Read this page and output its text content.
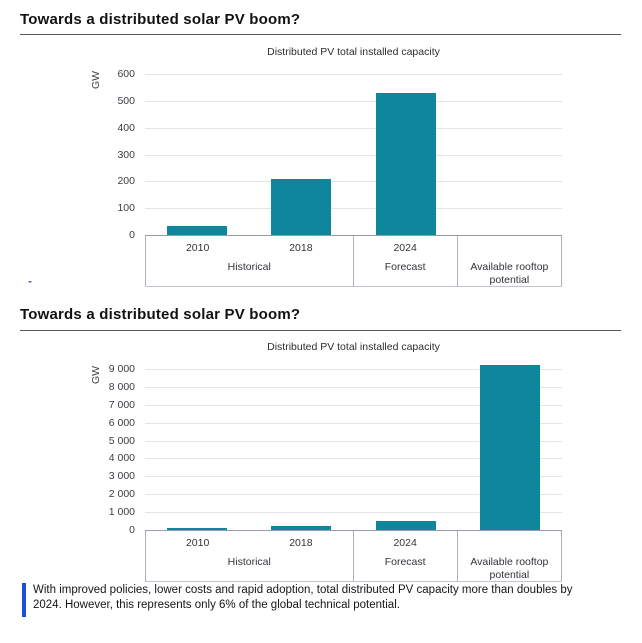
Towards a distributed solar PV boom?
Distributed PV total installed capacity
GW	600
500
400
300
200
100
0
2010	2018
Historical
2024
Forecast	Available rooftop potential
-
Towards a distributed solar PV boom?
Distributed PV total installed capacity
GW 9 000
8 000
7 000
6 000
5 000
4 000
3 000
2 000
1 000
0
2010	2018
Historical
2024
Forecast	Available rooftop potential
With improved policies, lower costs and rapid adoption, total distributed PV capacity more than doubles by 2024. However, this represents only 6% of the global technical potential.
